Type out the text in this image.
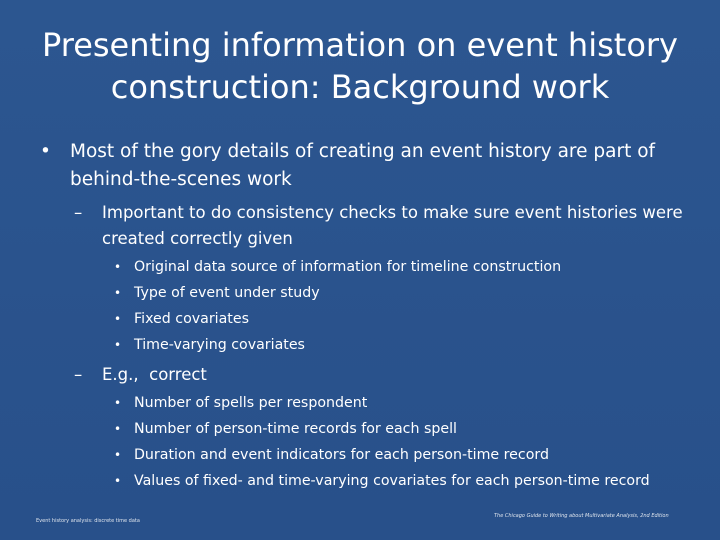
Presenting information on event history construction: Background work
• Most of the gory details of creating an event history are part of behind-the-scenes work
– Important to do consistency checks to make sure event histories were created correctly given
• Original data source of information for timeline construction
• Type of event under study
• Fixed covariates
• Time-varying covariates
– E.g.,  correct
• Number of spells per respondent
• Number of person-time records for each spell
• Duration and event indicators for each person-time record
• Values of fixed- and time-varying covariates for each person-time record
Event history analysis: discrete time data
The Chicago Guide to Writing about Multivariate Analysis, 2nd Edition
